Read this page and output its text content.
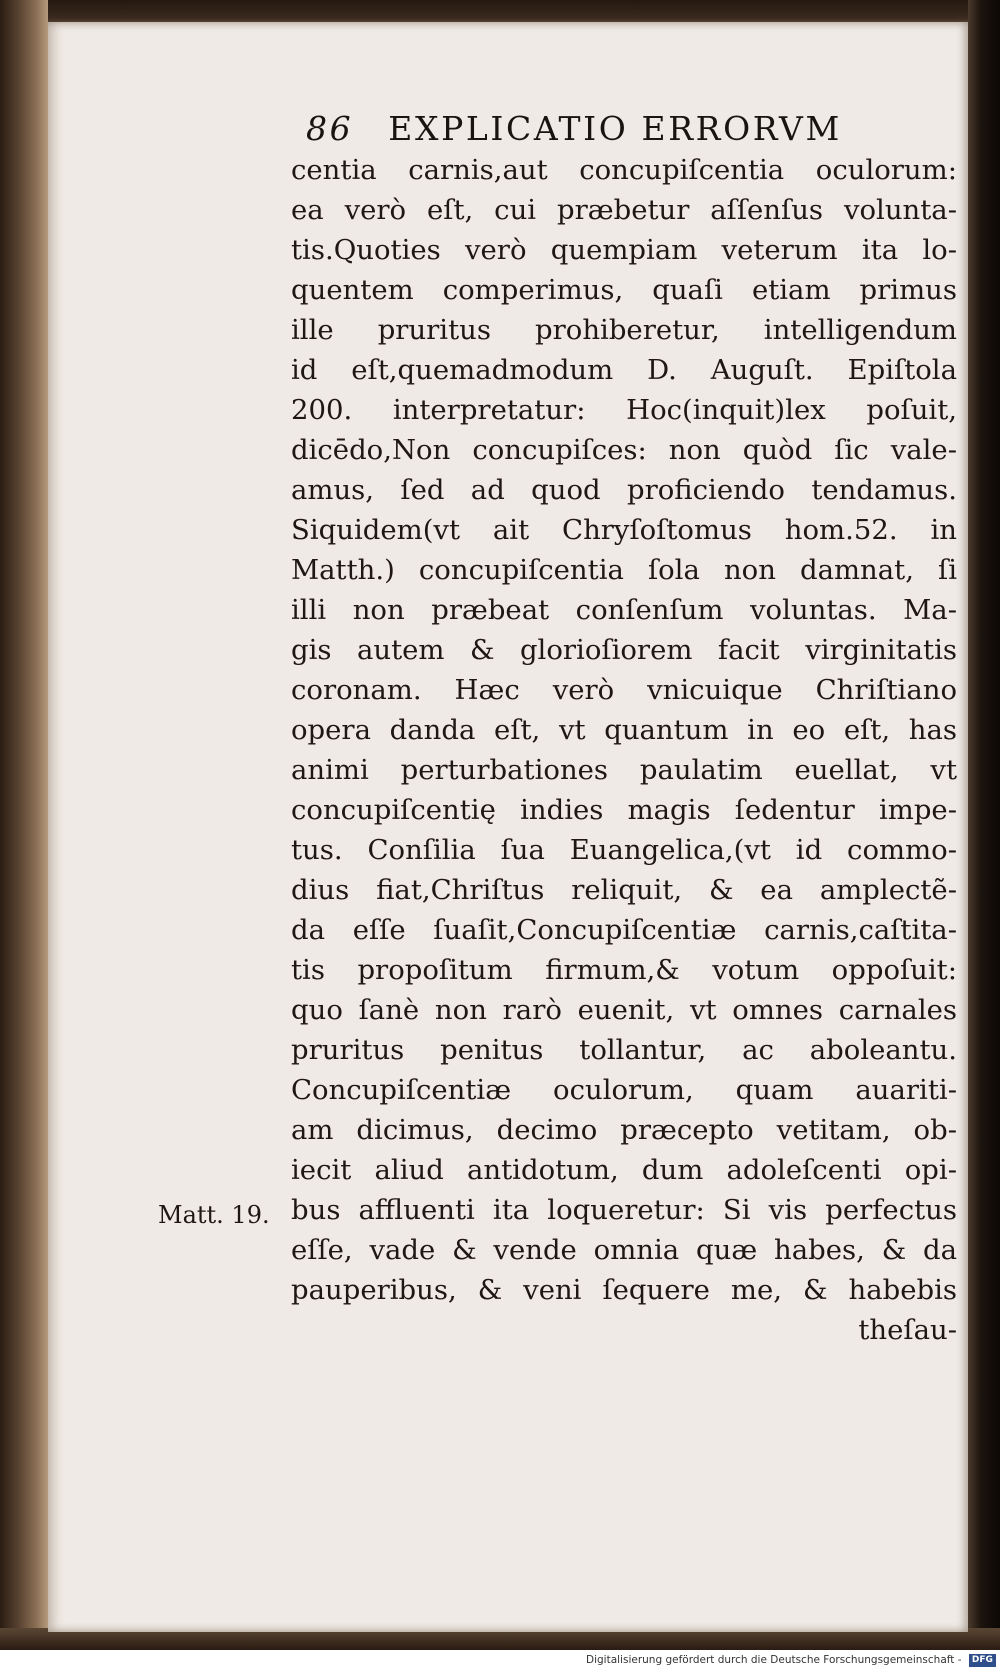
86 EXPLICATIO ERRORVM
centia carnis,aut concupiſcentia oculorum:
ea verò eſt, cui præbetur aſſenſus volunta-
tis.Quoties verò quempiam veterum ita lo-
quentem comperimus, quaſi etiam primus
ille pruritus prohiberetur, intelligendum
id eſt,quemadmodum D. Auguſt. Epiſtola
200. interpretatur: Hoc(inquit)lex poſuit,
dicēdo,Non concupiſces: non quòd ſic vale-
amus, ſed ad quod proficiendo tendamus.
Siquidem(vt ait Chryſoſtomus hom.52. in
Matth.) concupiſcentia ſola non damnat, ſi
illi non præbeat conſenſum voluntas. Ma-
gis autem & glorioſiorem facit virginitatis
coronam. Hæc verò vnicuique Chriſtiano
opera danda eſt, vt quantum in eo eſt, has
animi perturbationes paulatim euellat, vt
concupiſcentię indies magis ſedentur impe-
tus. Conſilia ſua Euangelica,(vt id commo-
dius fiat,Chriſtus reliquit, & ea amplectẽ-
da eſſe ſuaſit,Concupiſcentiæ carnis,caſtita-
tis propoſitum firmum,& votum oppoſuit:
quo ſanè non rarò euenit, vt omnes carnales
pruritus penitus tollantur, ac aboleantu.
Concupiſcentiæ oculorum, quam auariti-
am dicimus, decimo præcepto vetitam, ob-
iecit aliud antidotum, dum adoleſcenti opi-
bus affluenti ita loqueretur: Si vis perfectus
eſſe, vade & vende omnia quæ habes, & da
pauperibus, & veni ſequere me, & habebis
theſau-
Matt. 19.
Digitalisierung gefördert durch die Deutsche Forschungsgemeinschaft - DFG
